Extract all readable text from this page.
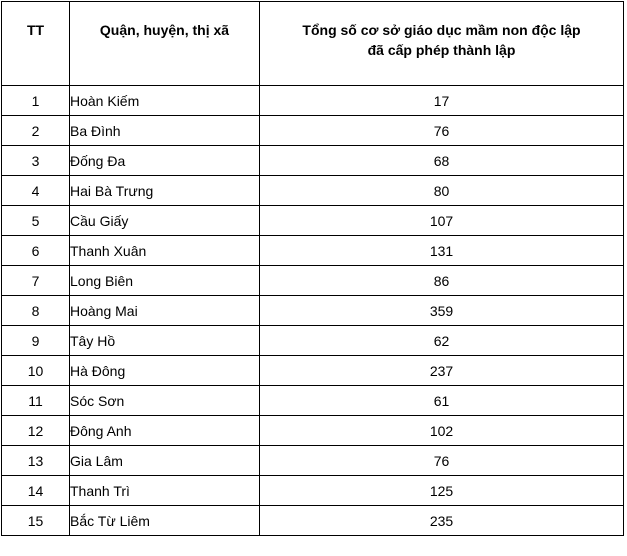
TT	Quận, huyện, thị xã	Tổng số cơ sở giáo dục mầm non độc lập
đã cấp phép thành lập

1	Hoàn Kiếm	17
2	Ba Đình	76
3	Đống Đa	68
4	Hai Bà Trưng	80
5	Cầu Giấy	107
6	Thanh Xuân	131
7	Long Biên	86
8	Hoàng Mai	359
9	Tây Hồ	62
10	Hà Đông	237
11	Sóc Sơn	61
12	Đông Anh	102
13	Gia Lâm	76
14	Thanh Trì	125
15	Bắc Từ Liêm	235
